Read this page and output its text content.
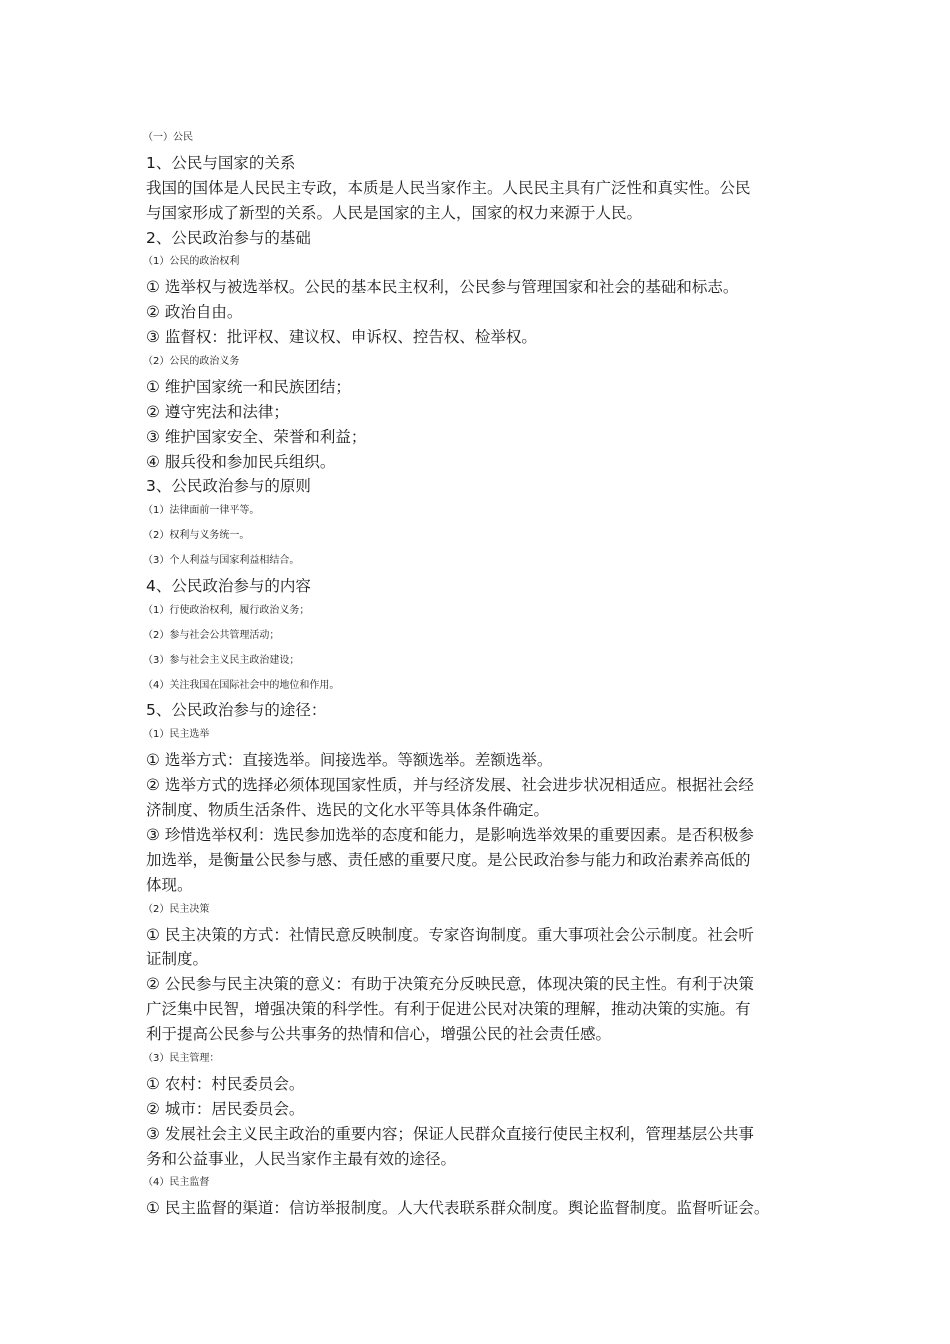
（一）公民
1、公民与国家的关系
我国的国体是人民民主专政，本质是人民当家作主。人民民主具有广泛性和真实性。公民
与国家形成了新型的关系。人民是国家的主人，国家的权力来源于人民。
2、公民政治参与的基础
（1）公民的政治权利
① 选举权与被选举权。公民的基本民主权利，公民参与管理国家和社会的基础和标志。
② 政治自由。
③ 监督权：批评权、建议权、申诉权、控告权、检举权。
（2）公民的政治义务
① 维护国家统一和民族团结；
② 遵守宪法和法律；
③ 维护国家安全、荣誉和利益；
④ 服兵役和参加民兵组织。
3、公民政治参与的原则
（1）法律面前一律平等。
（2）权利与义务统一。
（3）个人利益与国家利益相结合。
4、公民政治参与的内容
（1）行使政治权利，履行政治义务；
（2）参与社会公共管理活动；
（3）参与社会主义民主政治建设；
（4）关注我国在国际社会中的地位和作用。
5、公民政治参与的途径：
（1）民主选举
① 选举方式：直接选举。间接选举。等额选举。差额选举。
② 选举方式的选择必须体现国家性质，并与经济发展、社会进步状况相适应。根据社会经
济制度、物质生活条件、选民的文化水平等具体条件确定。
③ 珍惜选举权利：选民参加选举的态度和能力，是影响选举效果的重要因素。是否积极参
加选举，是衡量公民参与感、责任感的重要尺度。是公民政治参与能力和政治素养高低的
体现。
（2）民主决策
① 民主决策的方式：社情民意反映制度。专家咨询制度。重大事项社会公示制度。社会听
证制度。
② 公民参与民主决策的意义：有助于决策充分反映民意，体现决策的民主性。有利于决策
广泛集中民智，增强决策的科学性。有利于促进公民对决策的理解，推动决策的实施。有
利于提高公民参与公共事务的热情和信心，增强公民的社会责任感。
（3）民主管理：
① 农村：村民委员会。
② 城市：居民委员会。
③ 发展社会主义民主政治的重要内容；保证人民群众直接行使民主权利，管理基层公共事
务和公益事业，人民当家作主最有效的途径。
（4）民主监督
① 民主监督的渠道：信访举报制度。人大代表联系群众制度。舆论监督制度。监督听证会。
